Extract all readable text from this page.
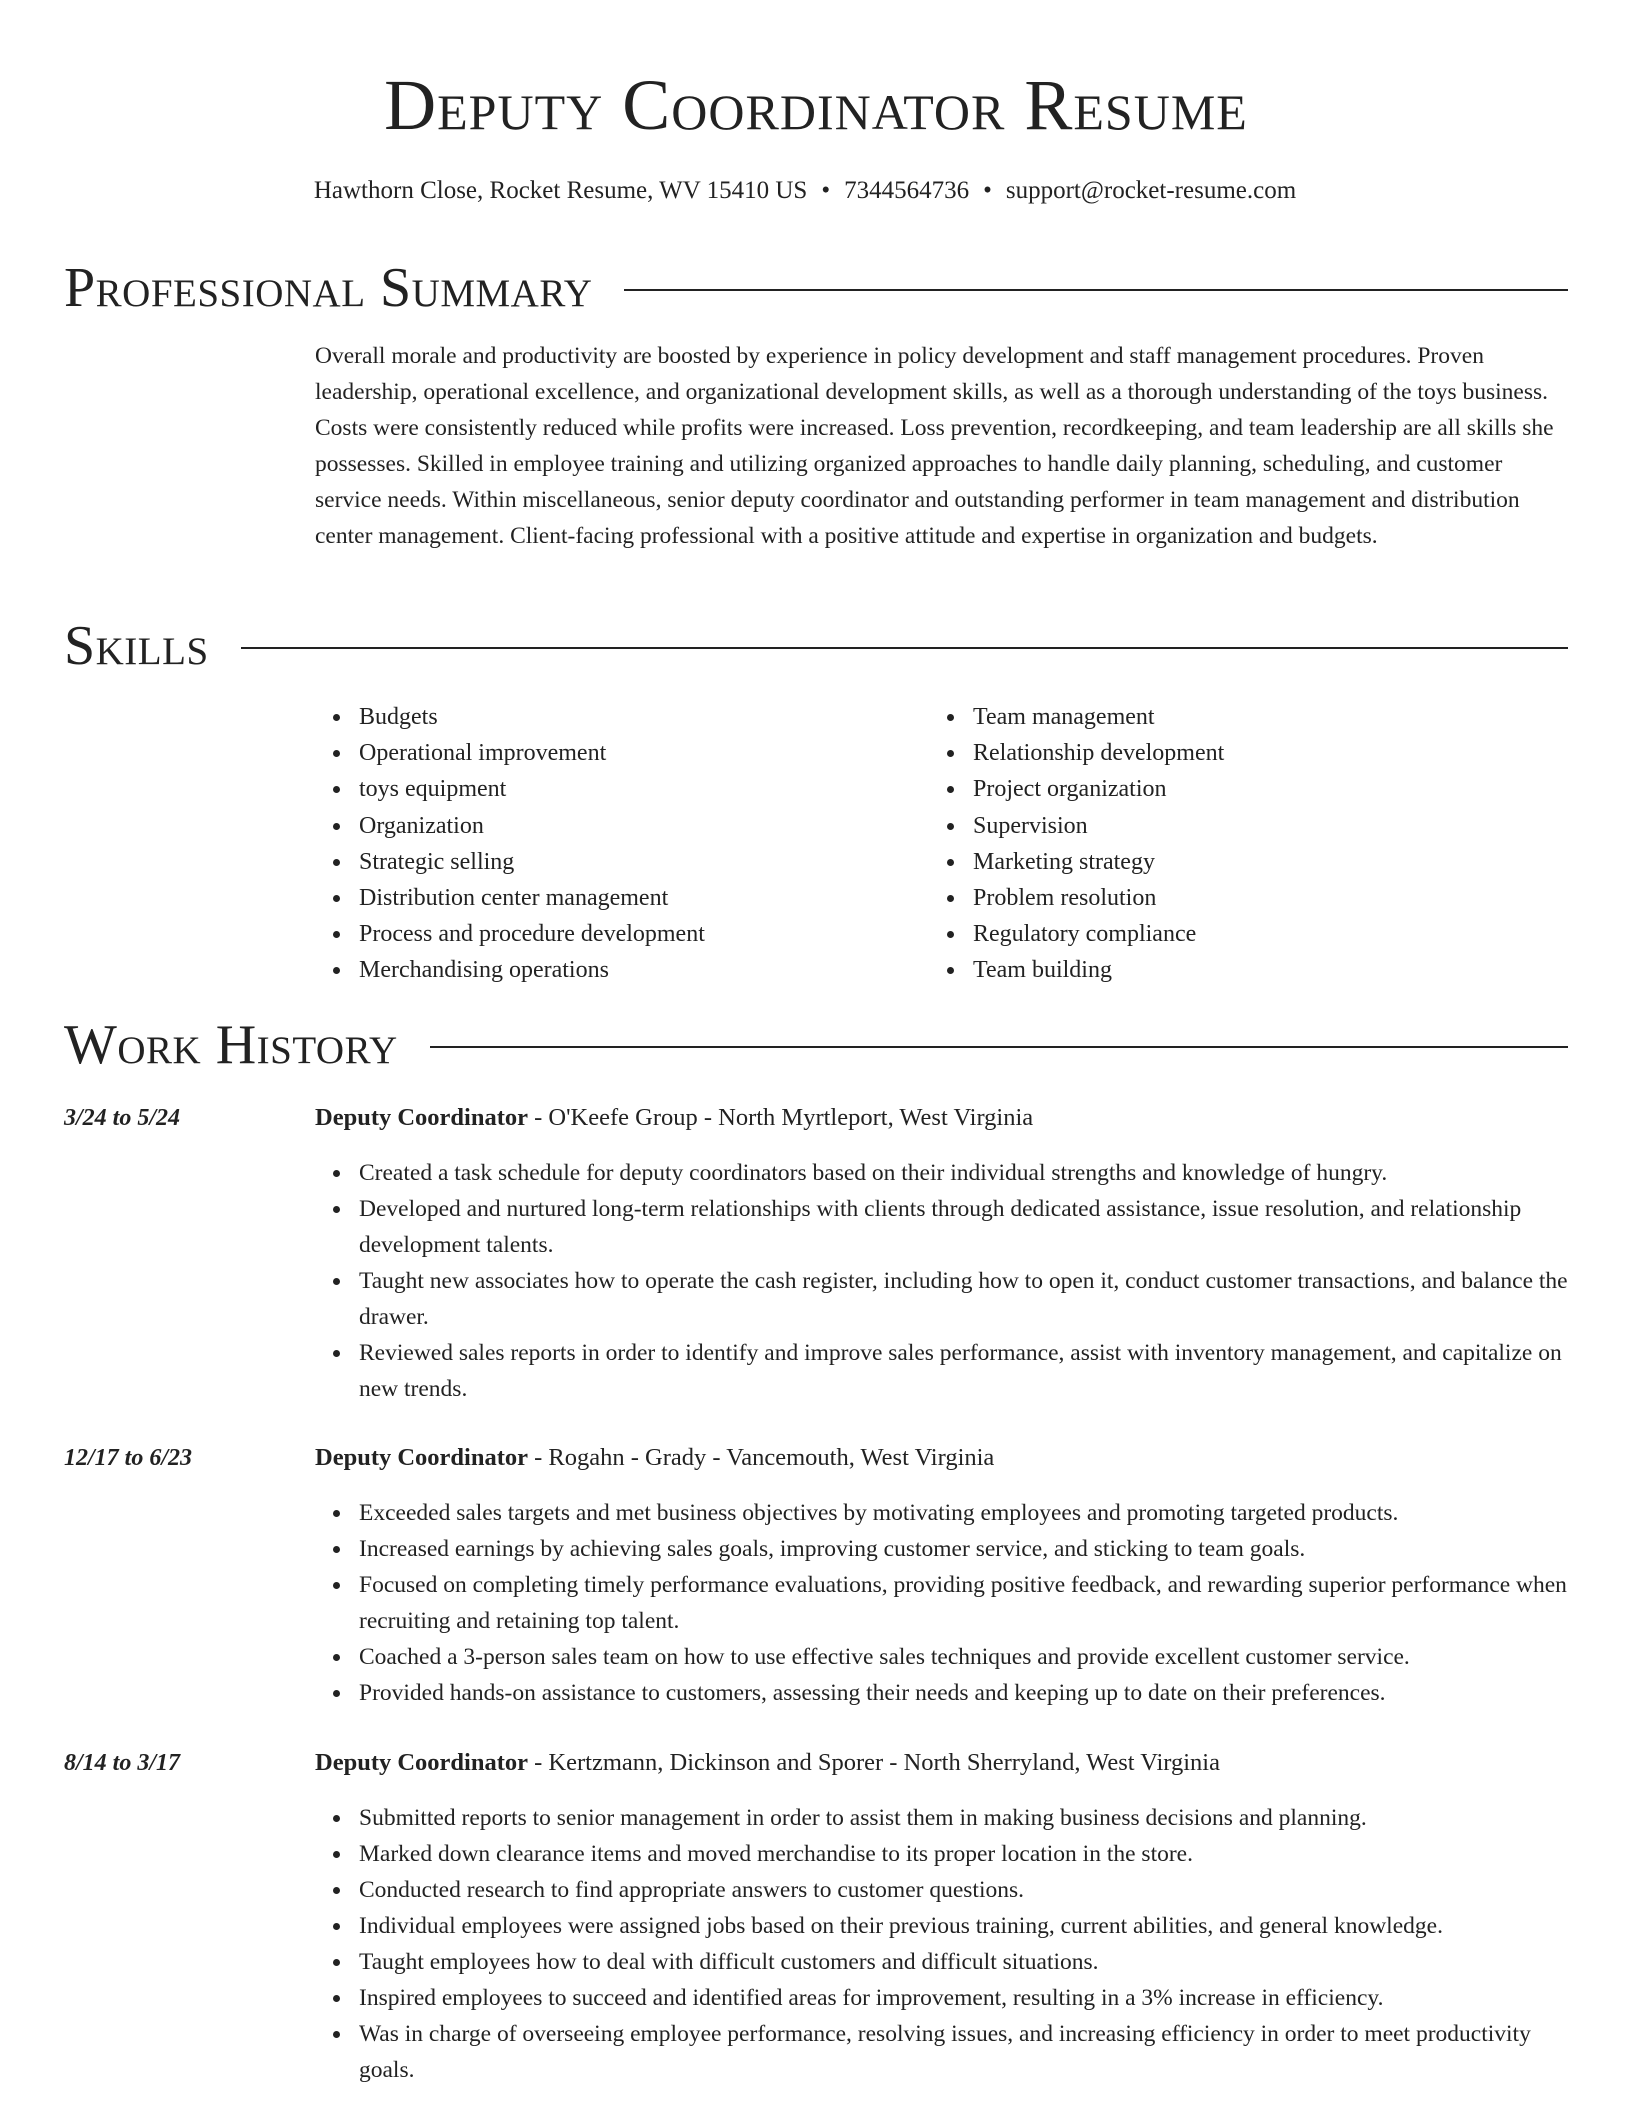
Deputy Coordinator Resume
Hawthorn Close, Rocket Resume, WV 15410 US • 7344564736 • support@rocket-resume.com
Professional Summary

Overall morale and productivity are boosted by experience in policy development and staff management procedures. Proven leadership, operational excellence, and organizational development skills, as well as a thorough understanding of the toys business. Costs were consistently reduced while profits were increased. Loss prevention, recordkeeping, and team leadership are all skills she possesses. Skilled in employee training and utilizing organized approaches to handle daily planning, scheduling, and customer service needs. Within miscellaneous, senior deputy coordinator and outstanding performer in team management and distribution center management. Client-facing professional with a positive attitude and expertise in organization and budgets.

Skills
Budgets
Operational improvement
toys equipment
Organization
Strategic selling
Distribution center management
Process and procedure development
Merchandising operations
Team management
Relationship development
Project organization
Supervision
Marketing strategy
Problem resolution
Regulatory compliance
Team building
Work History
3/24 to 5/24	Deputy Coordinator - O'Keefe Group - North Myrtleport, West Virginia
Created a task schedule for deputy coordinators based on their individual strengths and knowledge of hungry.
Developed and nurtured long-term relationships with clients through dedicated assistance, issue resolution, and relationship development talents.
Taught new associates how to operate the cash register, including how to open it, conduct customer transactions, and balance the drawer.
Reviewed sales reports in order to identify and improve sales performance, assist with inventory management, and capitalize on new trends.
12/17 to 6/23	Deputy Coordinator - Rogahn - Grady - Vancemouth, West Virginia
Exceeded sales targets and met business objectives by motivating employees and promoting targeted products.
Increased earnings by achieving sales goals, improving customer service, and sticking to team goals.
Focused on completing timely performance evaluations, providing positive feedback, and rewarding superior performance when recruiting and retaining top talent.
Coached a 3-person sales team on how to use effective sales techniques and provide excellent customer service.
Provided hands-on assistance to customers, assessing their needs and keeping up to date on their preferences.
8/14 to 3/17	Deputy Coordinator - Kertzmann, Dickinson and Sporer - North Sherryland, West Virginia
Submitted reports to senior management in order to assist them in making business decisions and planning.
Marked down clearance items and moved merchandise to its proper location in the store.
Conducted research to find appropriate answers to customer questions.
Individual employees were assigned jobs based on their previous training, current abilities, and general knowledge.
Taught employees how to deal with difficult customers and difficult situations.
Inspired employees to succeed and identified areas for improvement, resulting in a 3% increase in efficiency.
Was in charge of overseeing employee performance, resolving issues, and increasing efficiency in order to meet productivity goals.
